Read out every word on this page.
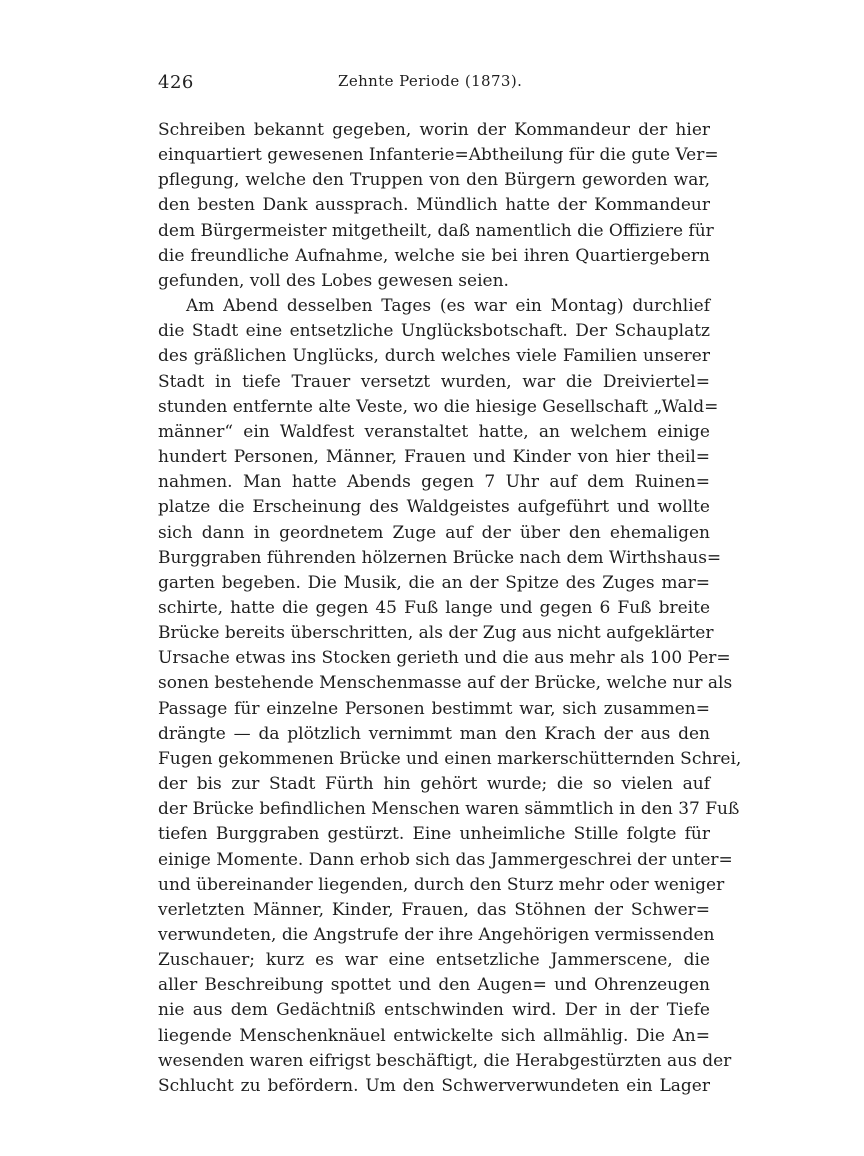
426	Zehnte Periode (1873).
Schreiben bekannt gegeben, worin der Kommandeur der hier
einquartiert gewesenen Infanterie=Abtheilung für die gute Ver=
pflegung, welche den Truppen von den Bürgern geworden war,
den besten Dank aussprach. Mündlich hatte der Kommandeur
dem Bürgermeister mitgetheilt, daß namentlich die Offiziere für
die freundliche Aufnahme, welche sie bei ihren Quartiergebern
gefunden, voll des Lobes gewesen seien.
Am Abend desselben Tages (es war ein Montag) durchlief
die Stadt eine entsetzliche Unglücksbotschaft. Der Schauplatz
des gräßlichen Unglücks, durch welches viele Familien unserer
Stadt in tiefe Trauer versetzt wurden, war die Dreiviertel=
stunden entfernte alte Veste, wo die hiesige Gesellschaft „Wald=
männer“ ein Waldfest veranstaltet hatte, an welchem einige
hundert Personen, Männer, Frauen und Kinder von hier theil=
nahmen. Man hatte Abends gegen 7 Uhr auf dem Ruinen=
platze die Erscheinung des Waldgeistes aufgeführt und wollte
sich dann in geordnetem Zuge auf der über den ehemaligen
Burggraben führenden hölzernen Brücke nach dem Wirthshaus=
garten begeben. Die Musik, die an der Spitze des Zuges mar=
schirte, hatte die gegen 45 Fuß lange und gegen 6 Fuß breite
Brücke bereits überschritten, als der Zug aus nicht aufgeklärter
Ursache etwas ins Stocken gerieth und die aus mehr als 100 Per=
sonen bestehende Menschenmasse auf der Brücke, welche nur als
Passage für einzelne Personen bestimmt war, sich zusammen=
drängte — da plötzlich vernimmt man den Krach der aus den
Fugen gekommenen Brücke und einen markerschütternden Schrei,
der bis zur Stadt Fürth hin gehört wurde; die so vielen auf
der Brücke befindlichen Menschen waren sämmtlich in den 37 Fuß
tiefen Burggraben gestürzt. Eine unheimliche Stille folgte für
einige Momente. Dann erhob sich das Jammergeschrei der unter=
und übereinander liegenden, durch den Sturz mehr oder weniger
verletzten Männer, Kinder, Frauen, das Stöhnen der Schwer=
verwundeten, die Angstrufe der ihre Angehörigen vermissenden
Zuschauer; kurz es war eine entsetzliche Jammerscene, die
aller Beschreibung spottet und den Augen= und Ohrenzeugen
nie aus dem Gedächtniß entschwinden wird. Der in der Tiefe
liegende Menschenknäuel entwickelte sich allmählig. Die An=
wesenden waren eifrigst beschäftigt, die Herabgestürzten aus der
Schlucht zu befördern. Um den Schwerverwundeten ein Lager
